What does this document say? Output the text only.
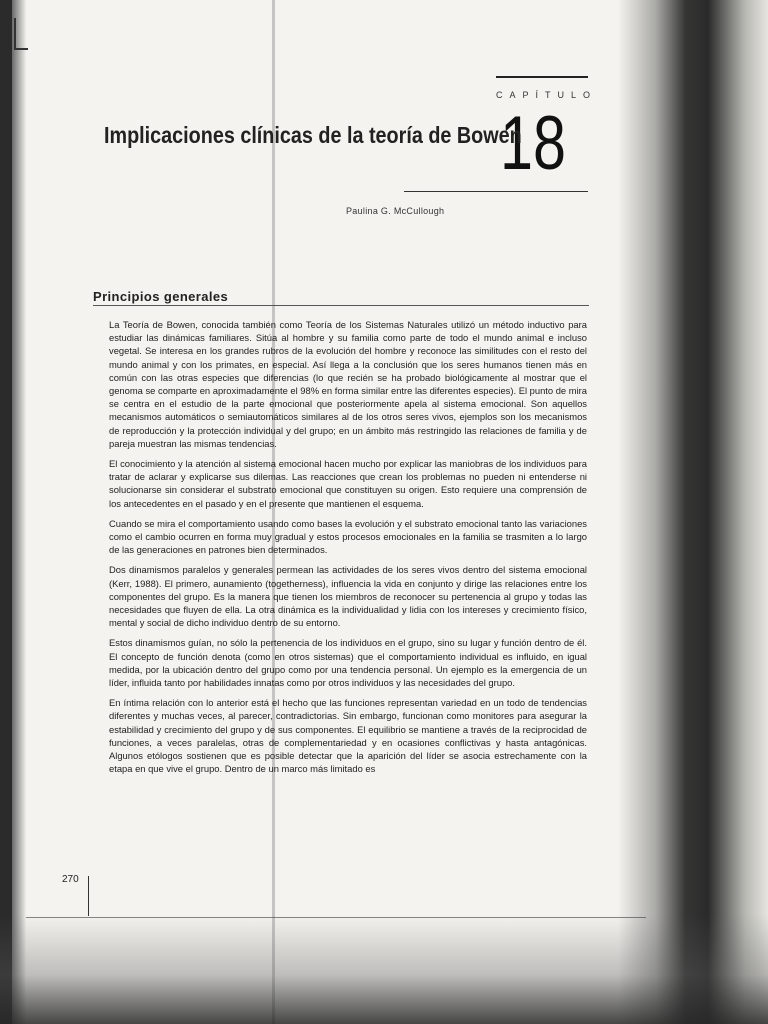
CAPÍTULO
18
Implicaciones clínicas de la teoría de Bowen
Paulina G. McCullough
Principios generales

La Teoría de Bowen, conocida también como Teoría de los Sistemas Naturales utilizó un método inductivo para estudiar las dinámicas familiares. Sitúa al hombre y su familia como parte de todo el mundo animal e incluso vegetal. Se interesa en los grandes rubros de la evolución del hombre y reconoce las similitudes con el resto del mundo animal y con los primates, en especial. Así llega a la conclusión que los seres humanos tienen más en común con las otras especies que diferencias (lo que recién se ha probado biológicamente al mostrar que el genoma se comparte en aproximadamente el 98% en forma similar entre las diferentes especies). El punto de mira se centra en el estudio de la parte emocional que posteriormente apela al sistema emocional. Son aquellos mecanismos automáticos o semiautomáticos similares al de los otros seres vivos, ejemplos son los mecanismos de reproducción y la protección individual y del grupo; en un ámbito más restringido las relaciones de familia y de pareja muestran las mismas tendencias.

El conocimiento y la atención al sistema emocional hacen mucho por explicar las maniobras de los individuos para tratar de aclarar y explicarse sus dilemas. Las reacciones que crean los problemas no pueden ni entenderse ni solucionarse sin considerar el substrato emocional que constituyen su origen. Esto requiere una comprensión de los antecedentes en el pasado y en el presente que mantienen el esquema.

Cuando se mira el comportamiento usando como bases la evolución y el substrato emocional tanto las variaciones como el cambio ocurren en forma muy gradual y estos procesos emocionales en la familia se trasmiten a lo largo de las generaciones en patrones bien determinados.

Dos dinamismos paralelos y generales permean las actividades de los seres vivos dentro del sistema emocional (Kerr, 1988). El primero, aunamiento (togetherness), influencia la vida en conjunto y dirige las relaciones entre los componentes del grupo. Es la manera que tienen los miembros de reconocer su pertenencia al grupo y todas las necesidades que fluyen de ella. La otra dinámica es la individualidad y lidia con los intereses y crecimiento físico, mental y social de dicho individuo dentro de su entorno.

Estos dinamismos guían, no sólo la pertenencia de los individuos en el grupo, sino su lugar y función dentro de él. El concepto de función denota (como en otros sistemas) que el comportamiento individual es influido, en igual medida, por la ubicación dentro del grupo como por una tendencia personal. Un ejemplo es la emergencia de un líder, influida tanto por habilidades innatas como por otros individuos y las necesidades del grupo.

En íntima relación con lo anterior está el hecho que las funciones representan variedad en un todo de tendencias diferentes y muchas veces, al parecer, contradictorias. Sin embargo, funcionan como monitores para asegurar la estabilidad y crecimiento del grupo y de sus componentes. El equilibrio se mantiene a través de la reciprocidad de funciones, a veces paralelas, otras de complementariedad y en ocasiones conflictivas y hasta antagónicas. Algunos etólogos sostienen que es posible detectar que la aparición del líder se asocia estrechamente con la etapa en que vive el grupo. Dentro de un marco más limitado es

270
